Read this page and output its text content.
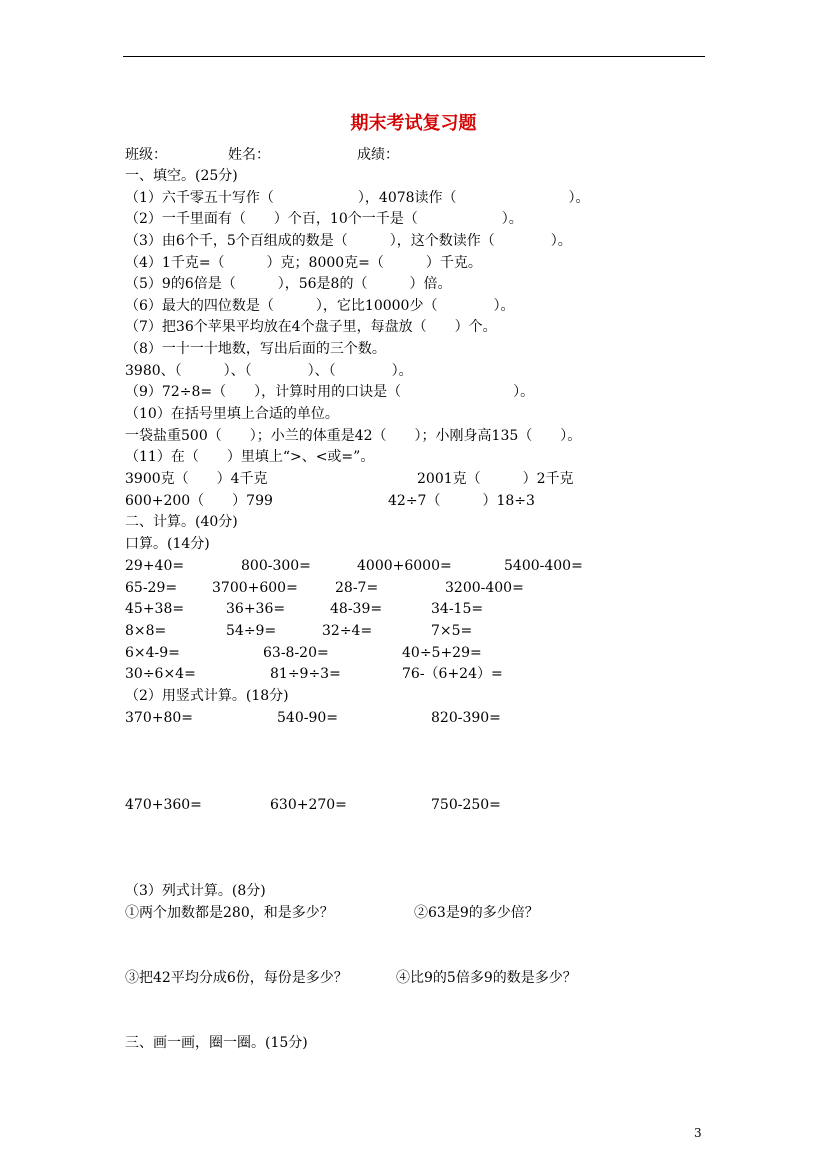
期末考试复习题
班级：	姓名：	成绩：
一、填空。(25分)
（1）六千零五十写作（　　　　　　），4078读作（　　　　　　　　）。
（2）一千里面有（　　）个百，10个一千是（　　　　　　）。
（3）由6个千，5个百组成的数是（　　　），这个数读作（　　　　）。
（4）1千克=（　　　）克；8000克=（　　　）千克。
（5）9的6倍是（　　　），56是8的（　　　）倍。
（6）最大的四位数是（　　　），它比10000少（　　　　）。
（7）把36个苹果平均放在4个盘子里，每盘放（　　）个。
（8）一十一十地数，写出后面的三个数。
3980、（　　　）、（　　　　）、（　　　　）。
（9）72÷8=（　　），计算时用的口诀是（　　　　　　　　）。
（10）在括号里填上合适的单位。
一袋盐重500（　　）；小兰的体重是42（　　）；小刚身高135（　　）。
（11）在（　　）里填上“>、<或=”。
3900克（　　）4千克	2001克（　　　）2千克
600+200（　　）799	42÷7（　　　）18÷3
二、计算。(40分)
口算。(14分)
29+40=	800-300=	4000+6000=	5400-400=
65-29= 3700+600=	28-7=	3200-400=
45+38=	36+36=	48-39=	34-15=
8×8=	54÷9=	32÷4=	7×5=
6×4-9=	63-8-20=	40÷5+29=
30÷6×4=	81÷9÷3=	76-（6+24）=
（2）用竖式计算。(18分)
370+80=	540-90=	820-390=
470+360=	630+270=	750-250=
（3）列式计算。(8分)
①两个加数都是280，和是多少？	②63是9的多少倍？
③把42平均分成6份，每份是多少？	④比9的5倍多9的数是多少？
三、画一画，圈一圈。(15分)
3
